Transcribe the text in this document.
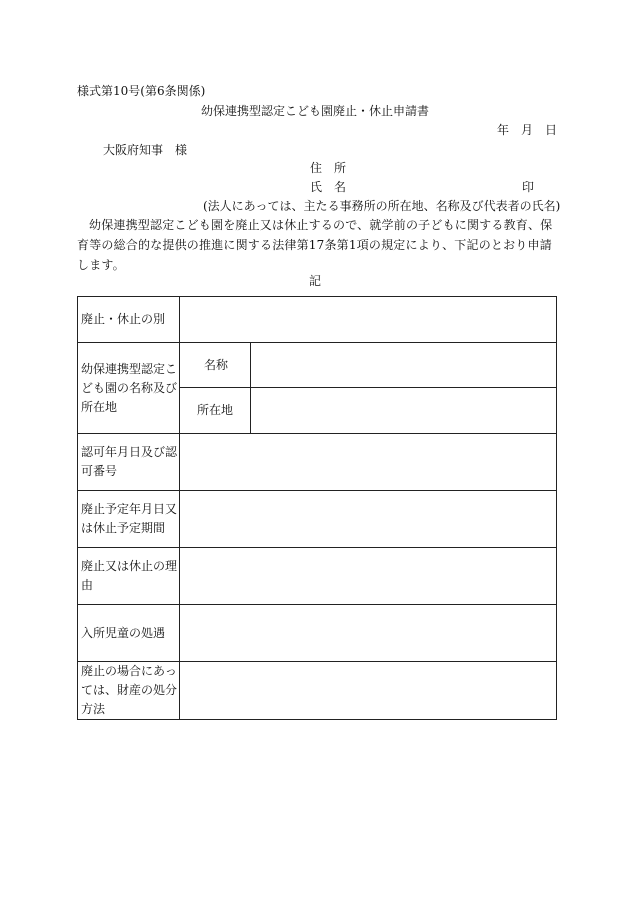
様式第10号(第6条関係)
幼保連携型認定こども園廃止・休止申請書
年 月 日
大阪府知事　様
住　所
氏　名	印
(法人にあっては、主たる事務所の所在地、名称及び代表者の氏名)
幼保連携型認定こども園を廃止又は休止するので、就学前の子どもに関する教育、保育等の総合的な提供の推進に関する法律第17条第1項の規定により、下記のとおり申請します。
記
廃止・休止の別		
幼保連携型認定こども園の名称及び所在地	名称	
	所在地	
認可年月日及び認可番号		
廃止予定年月日又は休止予定期間		
廃止又は休止の理由		
入所児童の処遇		
廃止の場合にあっては、財産の処分方法		
